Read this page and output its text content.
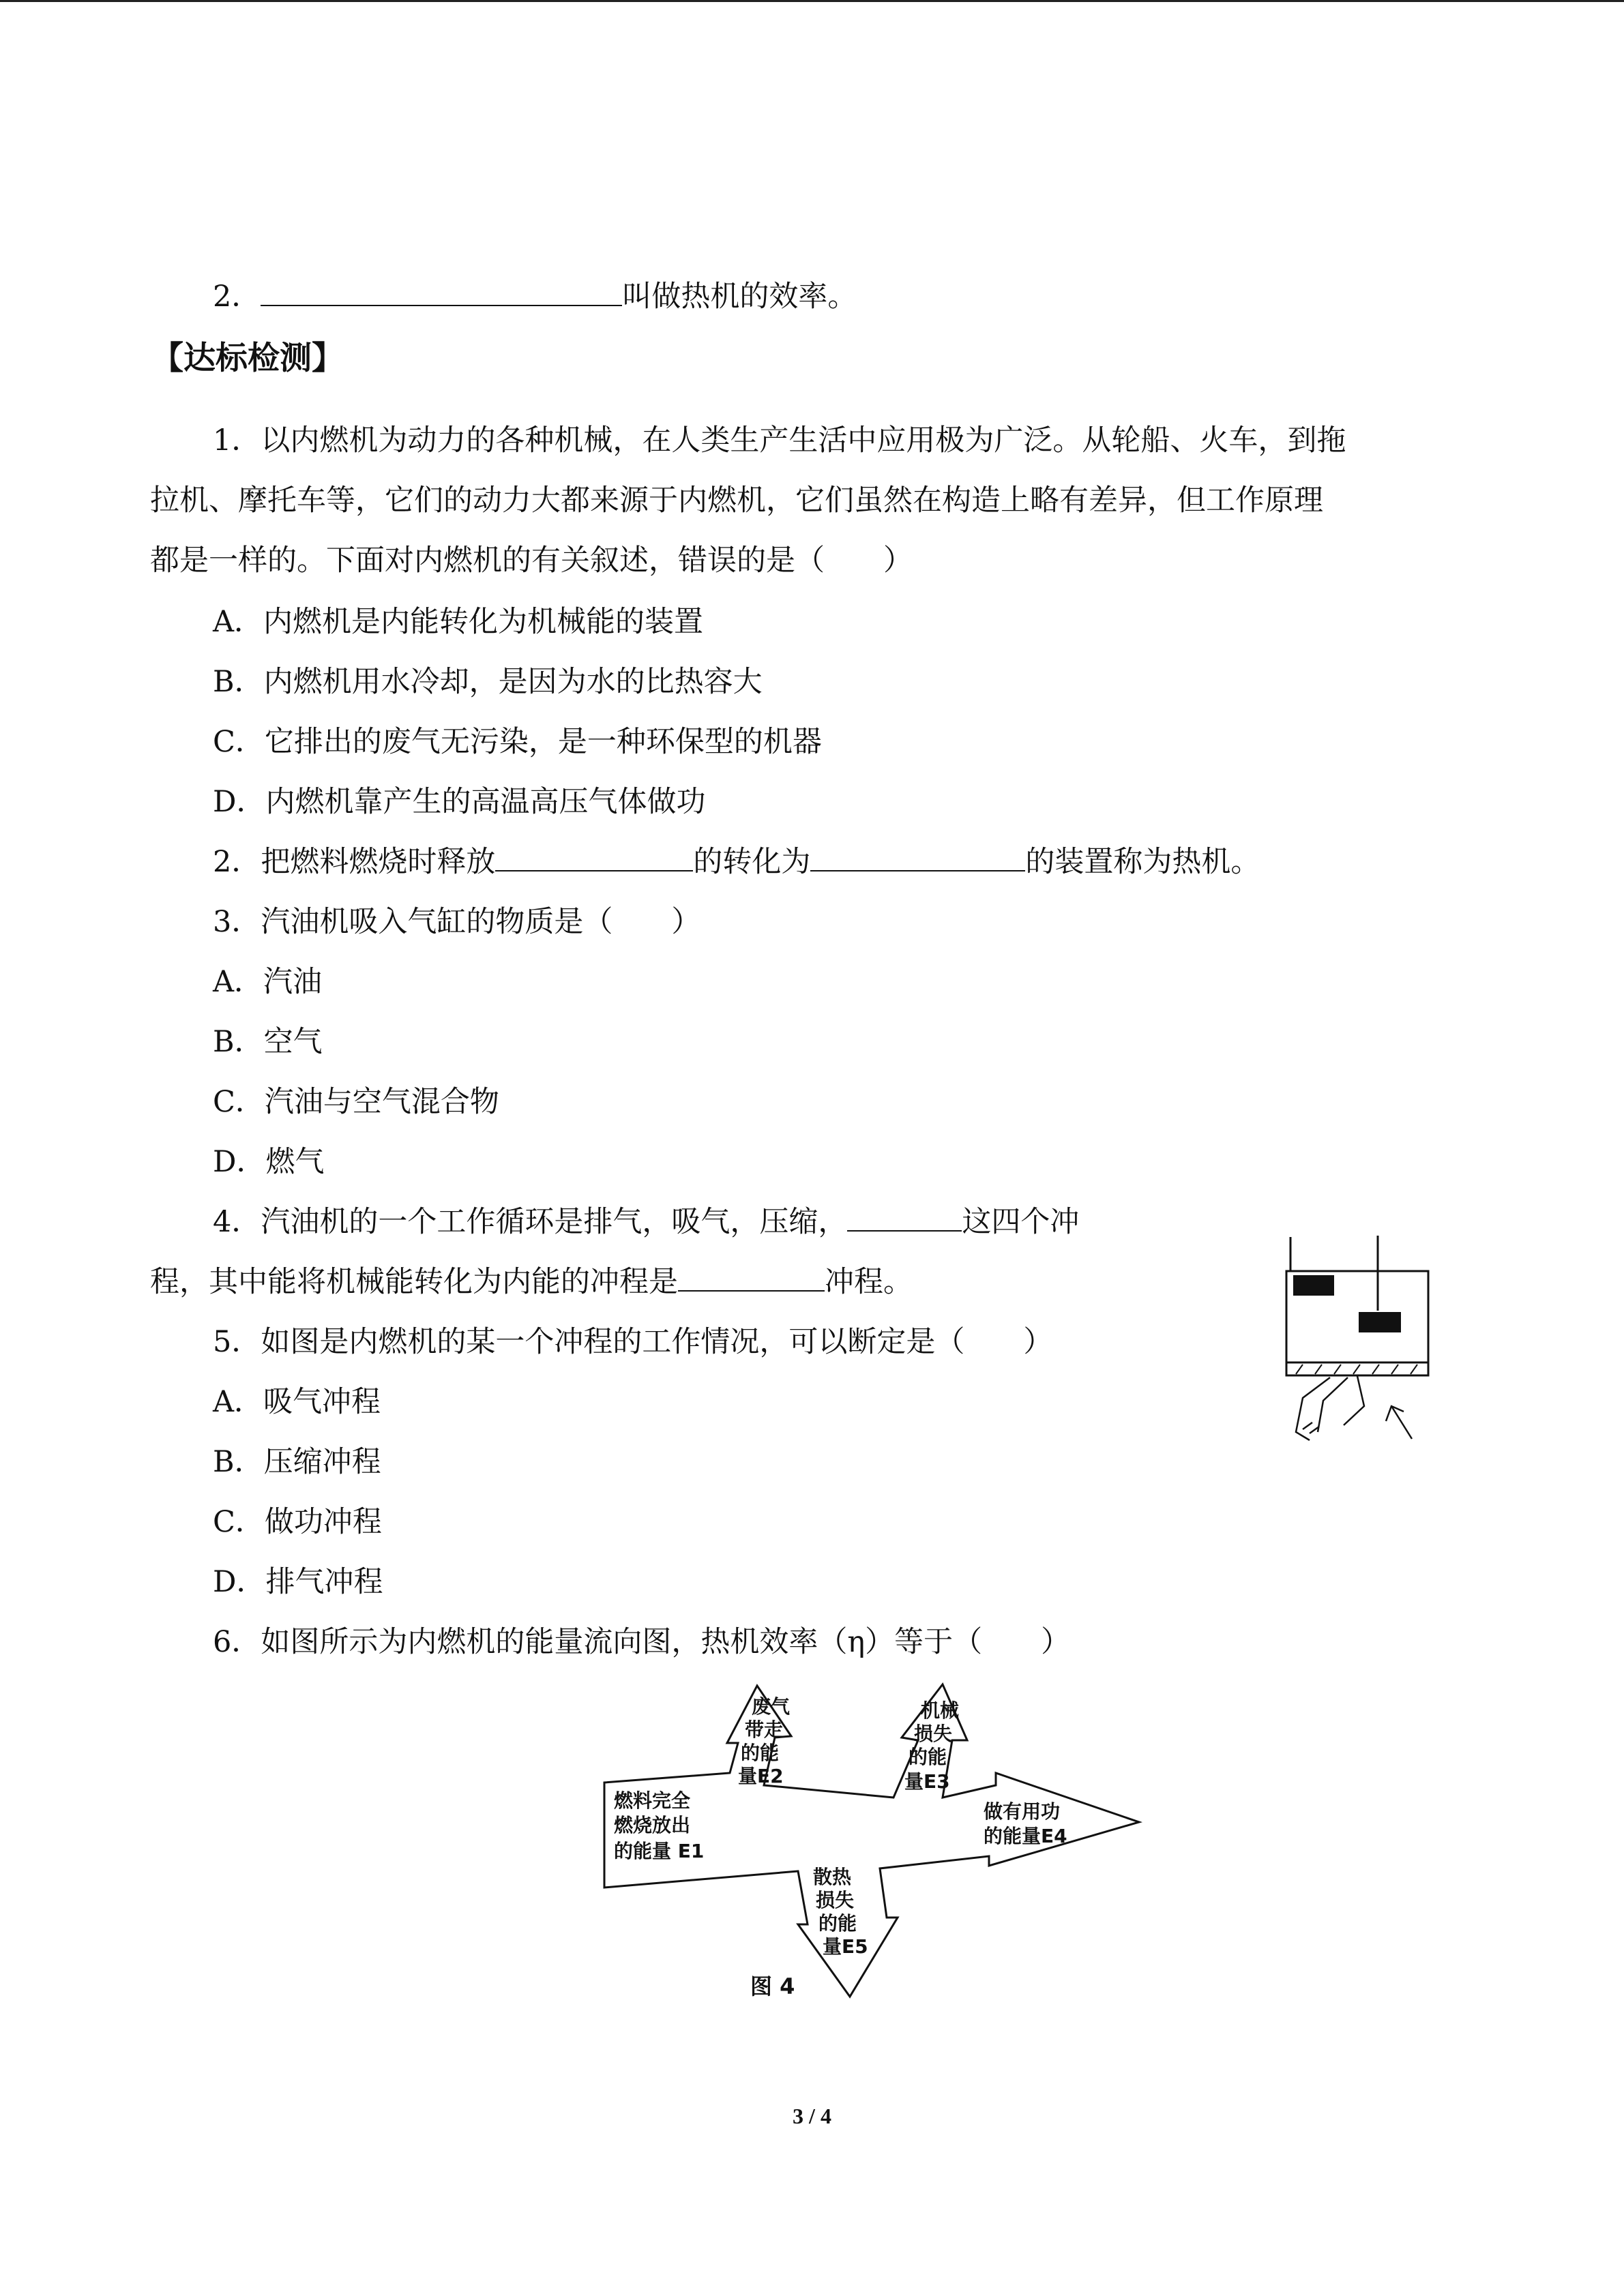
2．	叫做热机的效率。
【达标检测】
1．以内燃机为动力的各种机械，在人类生产生活中应用极为广泛。从轮船、火车，到拖
拉机、摩托车等，它们的动力大都来源于内燃机，它们虽然在构造上略有差异，但工作原理
都是一样的。下面对内燃机的有关叙述，错误的是（　　）
A．内燃机是内能转化为机械能的装置
B．内燃机用水冷却，是因为水的比热容大
C．它排出的废气无污染，是一种环保型的机器
D．内燃机靠产生的高温高压气体做功
2．把燃料燃烧时释放	的转化为	的装置称为热机。
3．汽油机吸入气缸的物质是（　　）
A．汽油
B．空气
C．汽油与空气混合物
D．燃气
4．汽油机的一个工作循环是排气，吸气，压缩，	这四个冲
程，其中能将机械能转化为内能的冲程是	冲程。
5．如图是内燃机的某一个冲程的工作情况，可以断定是（　　）
A．吸气冲程
B．压缩冲程
C．做功冲程
D．排气冲程
6．如图所示为内燃机的能量流向图，热机效率（η）等于（　　）
燃料完全 燃烧放出 的能量 E1
废气 带走 的能 量E2
机械 损失 的能 量E3
做有用功 的能量E4
散热 损失 的能 量E5
图 4
3 / 4
